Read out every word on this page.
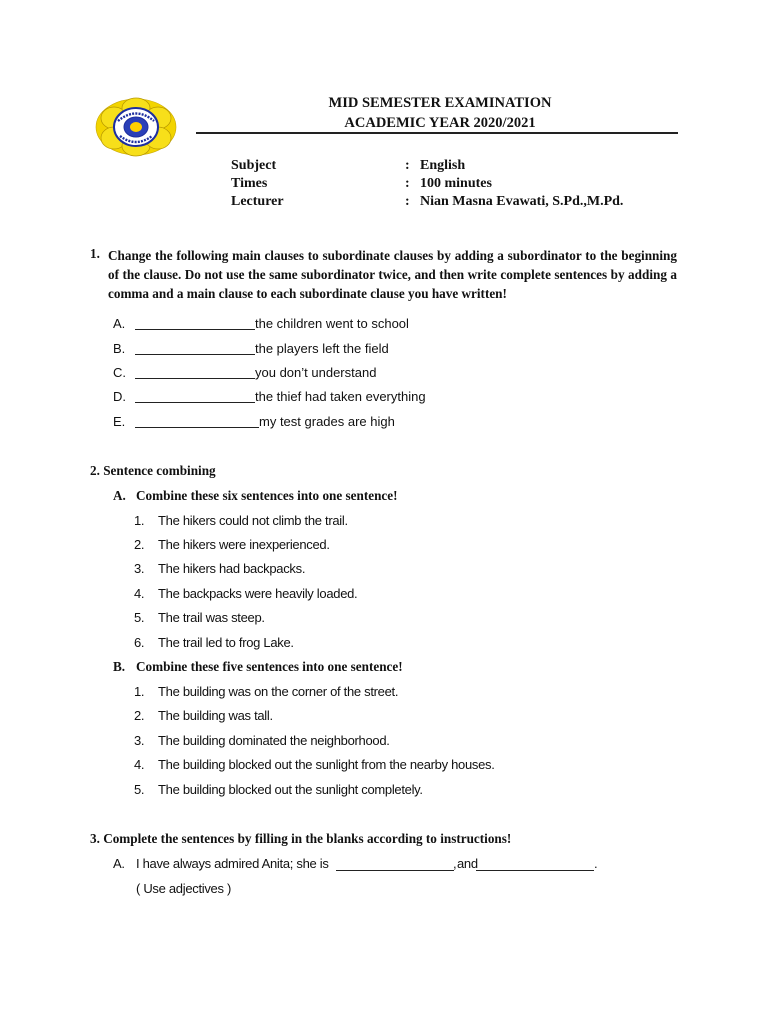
MID SEMESTER EXAMINATION
ACADEMIC YEAR 2020/2021
Subject	: English
Times	: 100 minutes
Lecturer	: Nian Masna Evawati, S.Pd.,M.Pd.
1. Change the following main clauses to subordinate clauses by adding a subordinator to the beginning of the clause. Do not use the same subordinator twice, and then write complete sentences by adding a comma and a main clause to each subordinate clause you have written!
A.	the children went to school
B.	the players left the field
C.	you don’t understand
D.	the thief had taken everything
E.	my test grades are high
2. Sentence combining
A. Combine these six sentences into one sentence!
1. The hikers could not climb the trail.
2. The hikers were inexperienced.
3. The hikers had backpacks.
4. The backpacks were heavily loaded.
5. The trail was steep.
6. The trail led to frog Lake.
B. Combine these five sentences into one sentence!
1. The building was on the corner of the street.
2. The building was tall.
3. The building dominated the neighborhood.
4. The building blocked out the sunlight from the nearby houses.
5. The building blocked out the sunlight completely.
3. Complete the sentences by filling in the blanks according to instructions!
A. I have always admired Anita; she is	, and	.
( Use adjectives )
